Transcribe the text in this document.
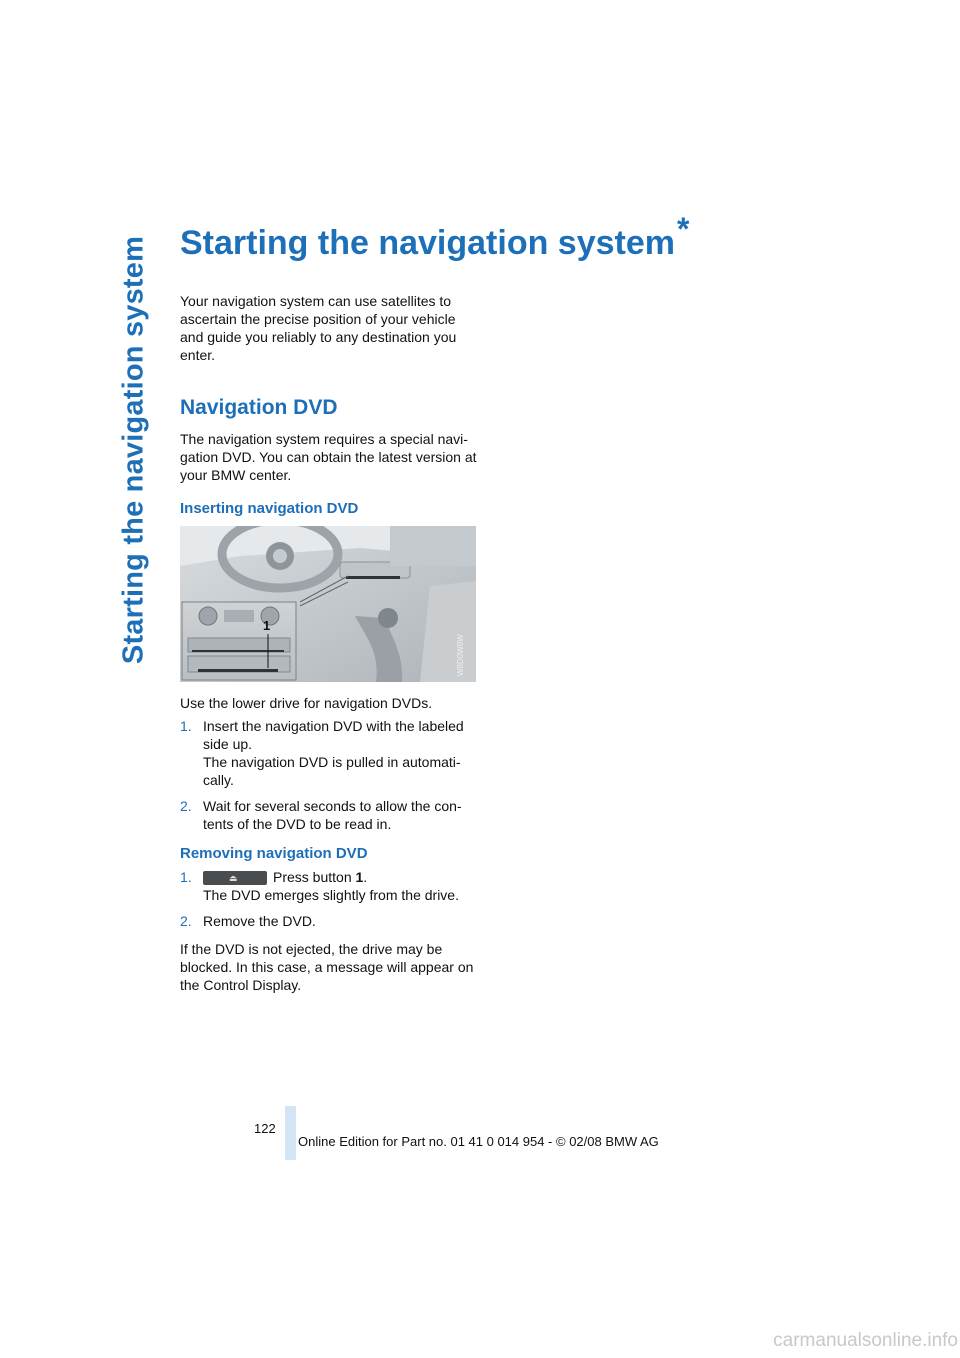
Starting the navigation system Starting the navigation system*
Your navigation system can use satellites to ascertain the precise position of your vehicle and guide you reliably to any destination you enter.
Navigation DVD
The navigation system requires a special navi-gation DVD. You can obtain the latest version at your BMW center.
Inserting navigation DVD
1
W8D0W8W
Use the lower drive for navigation DVDs.
1. Insert the navigation DVD with the labeled
side up.
The navigation DVD is pulled in automati-
cally.
2. Wait for several seconds to allow the con-
tents of the DVD to be read in.
Removing navigation DVD
1.	⏏	Press button 1.
The DVD emerges slightly from the drive.
2. Remove the DVD.
If the DVD is not ejected, the drive may be blocked. In this case, a message will appear on the Control Display.
122
Online Edition for Part no. 01 41 0 014 954 - © 02/08 BMW AG
carmanualsonline.info
